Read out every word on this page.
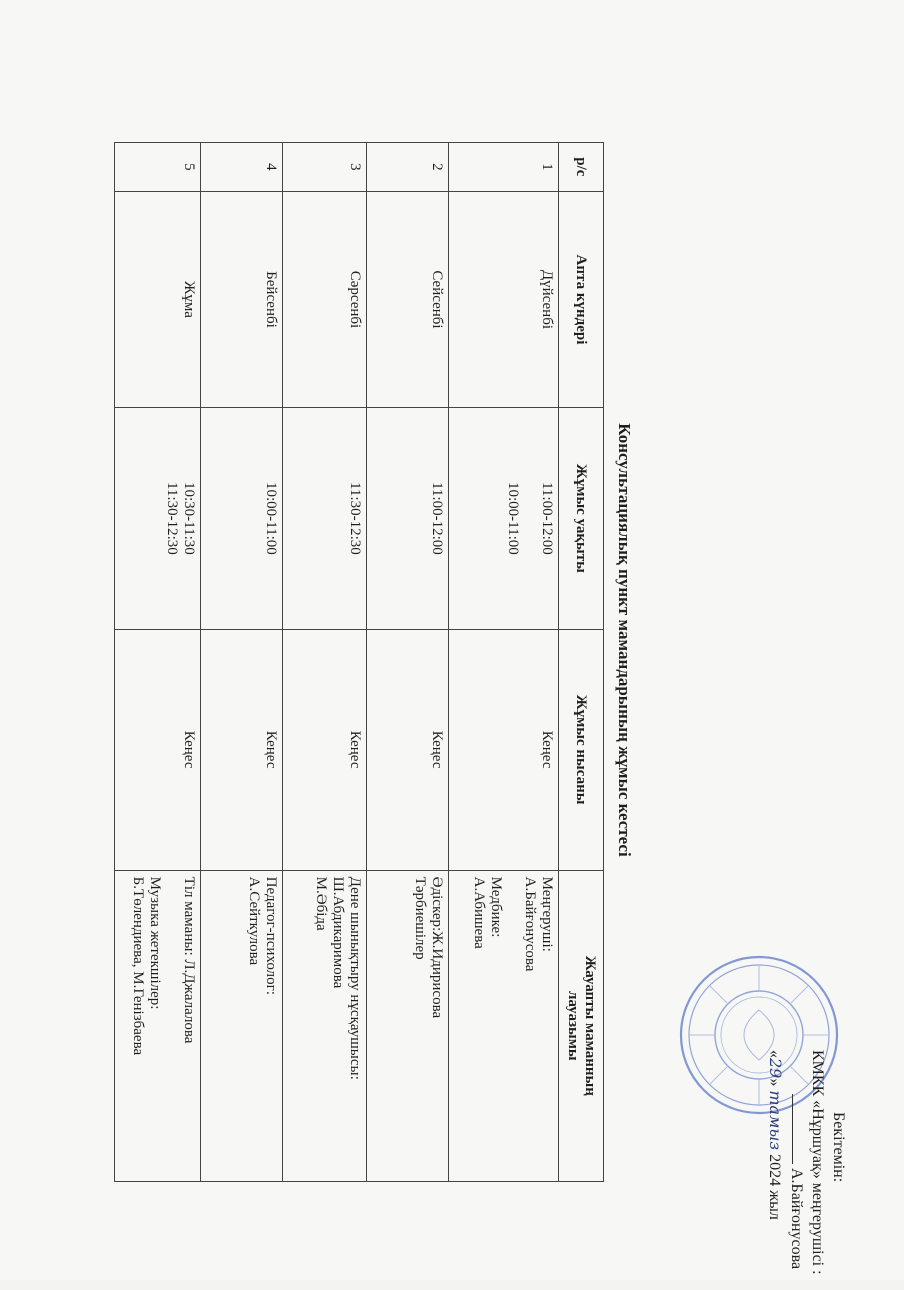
Бекітемін:
КМКК «Нұршуақ» меңгерушісі :
А.Байғонусова
«29» тамыз 2024 жыл
Консультациялық пункт мамандарының жұмыс кестесі
р/с	Апта күндері	Жұмыс уақыты	Жұмыс нысаны	Жауапты маманның
лауазымы

1	Дүйсенбі	11:00-12:00
10:00-11:00	Кеңес	Меңгеруші:
А.Байғонусова
Медбике:
А.Абишева

2	Сейсенбі	11:00-12:00	Кеңес	Әдіскер:Ж.Идирисова
Тәрбиешілер

3	Сәрсенбі	11:30-12:30	Кеңес	Дене шынықтыру нұсқаушысы:
Ш.Абдикаримова
М.Әбіда

4	Бейсенбі	10:00-11:00	Кеңес	Педагог-психолог:
А.Сейткулова

5	Жұма	10:30-11:30
11:30-12:30	Кеңес	Тіл маманы: Л.Джалалова
Музыка жетекшілер:
Б.Төлендиева, М.Генізбаева
